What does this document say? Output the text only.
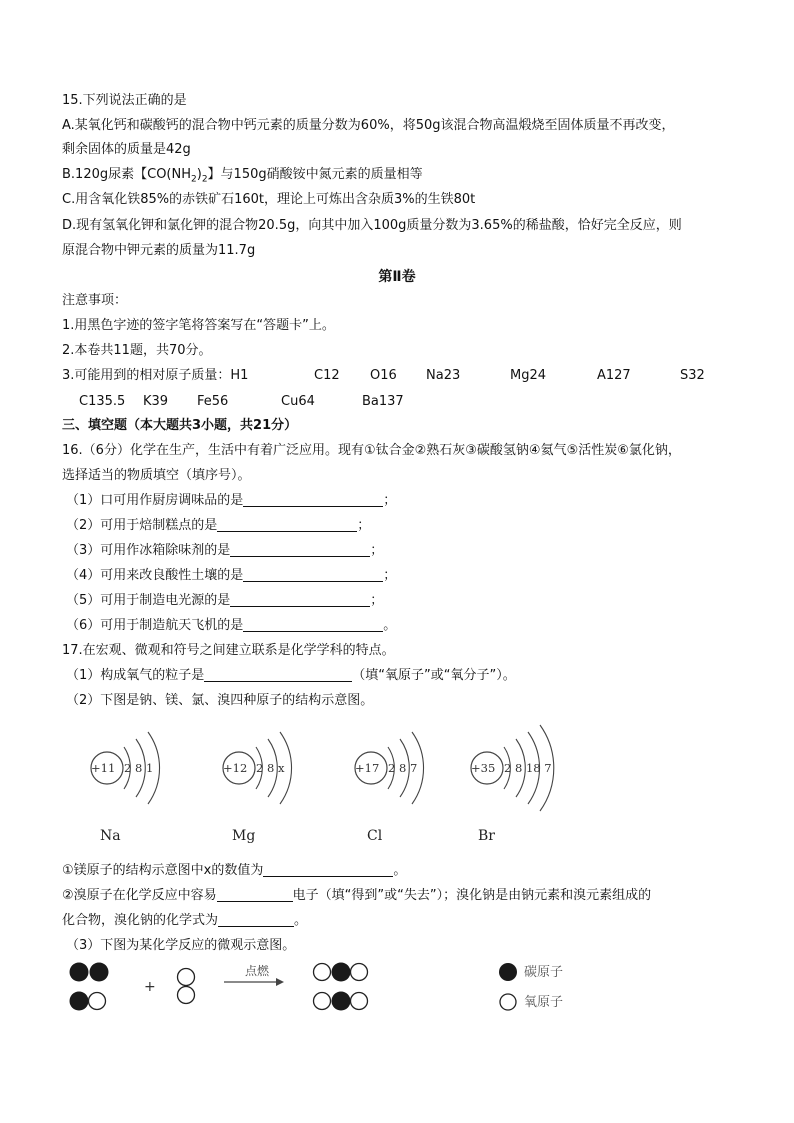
15.下列说法正确的是
A.某氧化钙和碳酸钙的混合物中钙元素的质量分数为60%，将50g该混合物高温煅烧至固体质量不再改变，
剩余固体的质量是42g
B.120g尿素【$CO(NH_2)_2$】与150g硝酸铵中氮元素的质量相等
C.用含氧化铁85%的赤铁矿石160t，理论上可炼出含杂质3%的生铁80t
D.现有氢氧化钾和氯化钾的混合物20.5g，向其中加入100g质量分数为3.65%的稀盐酸，恰好完全反应，则
原混合物中钾元素的质量为11.7g
第Ⅱ卷
注意事项：
1.用黑色字迹的签字笔将答案写在“答题卡”上。
2.本卷共11题，共70分。
3.可能用到的相对原子质量：H1	C12 O16 Na23	Mg24	A127	S32
C135.5 K39 Fe56	Cu64	Ba137
三、填空题（本大题共3小题，共21分）
16.（6分）化学在生产，生活中有着广泛应用。现有①钛合金②熟石灰③碳酸氢钠④氦气⑤活性炭⑥氯化钠，
选择适当的物质填空（填序号）。
（1）口可用作厨房调味品的是	；
（2）可用于焙制糕点的是	；
（3）可用作冰箱除味剂的是	；
（4）可用来改良酸性土壤的是	；
（5）可用于制造电光源的是	；
（6）可用于制造航天飞机的是	。
17.在宏观、微观和符号之间建立联系是化学学科的特点。
（1）构成氧气的粒子是	（填“氧原子”或“氧分子”）。
（2）下图是钠、镁、氯、溴四种原子的结构示意图。
+11 2 8 1
Na
+12 2 8 x
Mg
+17 2 8 7
Cl
+35 2 8 18 7
Br
①镁原子的结构示意图中x的数值为	。
②溴原子在化学反应中容易	电子（填“得到”或“失去”）；溴化钠是由钠元素和溴元素组成的
化合物，溴化钠的化学式为	。
（3）下图为某化学反应的微观示意图。
+
点燃	碳原子
氧原子
